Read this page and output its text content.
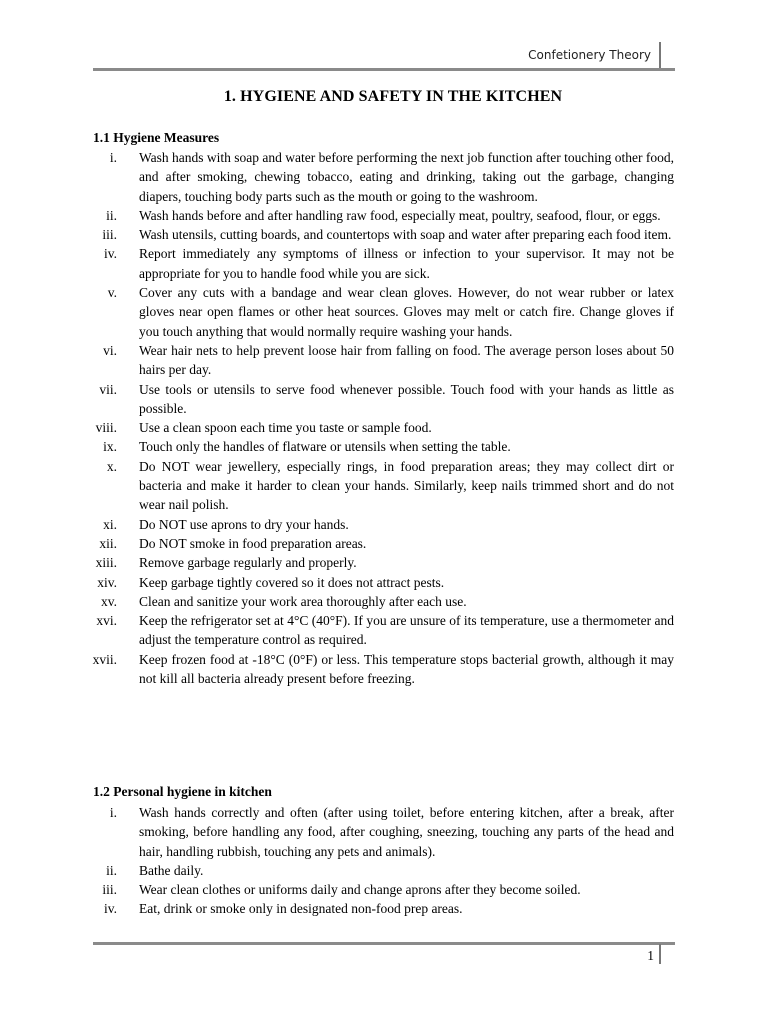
Confetionery Theory
1. HYGIENE AND SAFETY IN THE KITCHEN
1.1 Hygiene Measures
i. Wash hands with soap and water before performing the next job function after touching other food, and after smoking, chewing tobacco, eating and drinking, taking out the garbage, changing diapers, touching body parts such as the mouth or going to the washroom.
ii. Wash hands before and after handling raw food, especially meat, poultry, seafood, flour, or eggs.
iii. Wash utensils, cutting boards, and countertops with soap and water after preparing each food item.
iv. Report immediately any symptoms of illness or infection to your supervisor. It may not be appropriate for you to handle food while you are sick.
v. Cover any cuts with a bandage and wear clean gloves. However, do not wear rubber or latex gloves near open flames or other heat sources. Gloves may melt or catch fire. Change gloves if you touch anything that would normally require washing your hands.
vi. Wear hair nets to help prevent loose hair from falling on food. The average person loses about 50 hairs per day.
vii. Use tools or utensils to serve food whenever possible. Touch food with your hands as little as possible.
viii. Use a clean spoon each time you taste or sample food.
ix. Touch only the handles of flatware or utensils when setting the table.
x. Do NOT wear jewellery, especially rings, in food preparation areas; they may collect dirt or bacteria and make it harder to clean your hands. Similarly, keep nails trimmed short and do not wear nail polish.
xi. Do NOT use aprons to dry your hands.
xii. Do NOT smoke in food preparation areas.
xiii. Remove garbage regularly and properly.
xiv. Keep garbage tightly covered so it does not attract pests.
xv. Clean and sanitize your work area thoroughly after each use.
xvi. Keep the refrigerator set at 4°C (40°F). If you are unsure of its temperature, use a thermometer and adjust the temperature control as required.
xvii. Keep frozen food at -18°C (0°F) or less. This temperature stops bacterial growth, although it may not kill all bacteria already present before freezing.
1.2 Personal hygiene in kitchen
i. Wash hands correctly and often (after using toilet, before entering kitchen, after a break, after smoking, before handling any food, after coughing, sneezing, touching any parts of the head and hair, handling rubbish, touching any pets and animals).
ii. Bathe daily.
iii. Wear clean clothes or uniforms daily and change aprons after they become soiled.
iv. Eat, drink or smoke only in designated non-food prep areas.
1
